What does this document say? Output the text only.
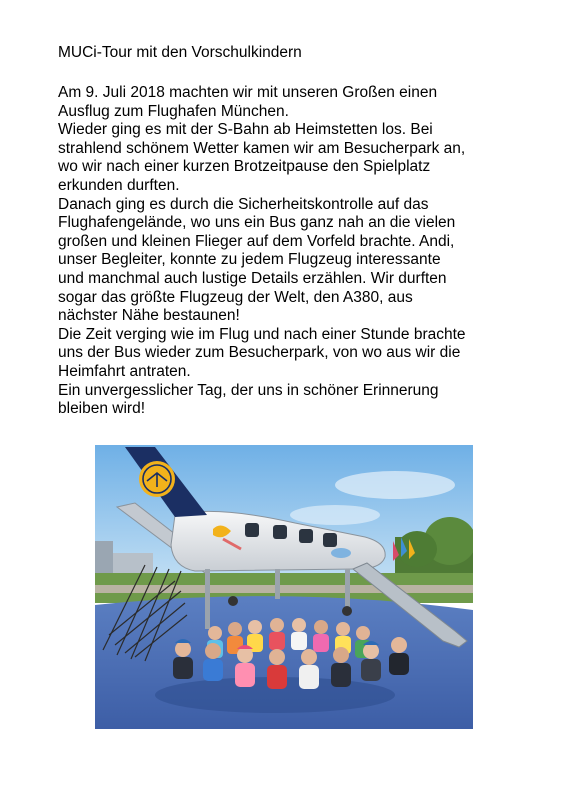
MUCi-Tour mit den Vorschulkindern
Am 9. Juli 2018 machten wir mit unseren Großen einen
Ausflug zum Flughafen München.
Wieder ging es mit der S-Bahn ab Heimstetten los. Bei
strahlend schönem Wetter kamen wir am Besucherpark an,
wo wir nach einer kurzen Brotzeitpause den Spielplatz
erkunden durften.
Danach ging es durch die Sicherheitskontrolle auf das
Flughafengelände, wo uns ein Bus ganz nah an die vielen
großen und kleinen Flieger auf dem Vorfeld brachte. Andi,
unser Begleiter, konnte zu jedem Flugzeug interessante
und manchmal auch lustige Details erzählen. Wir durften
sogar das größte Flugzeug der Welt, den A380, aus
nächster Nähe bestaunen!
Die Zeit verging wie im Flug und nach einer Stunde brachte
uns der Bus wieder zum Besucherpark, von wo aus wir die
Heimfahrt antraten.
Ein unvergesslicher Tag, der uns in schöner Erinnerung
bleiben wird!
